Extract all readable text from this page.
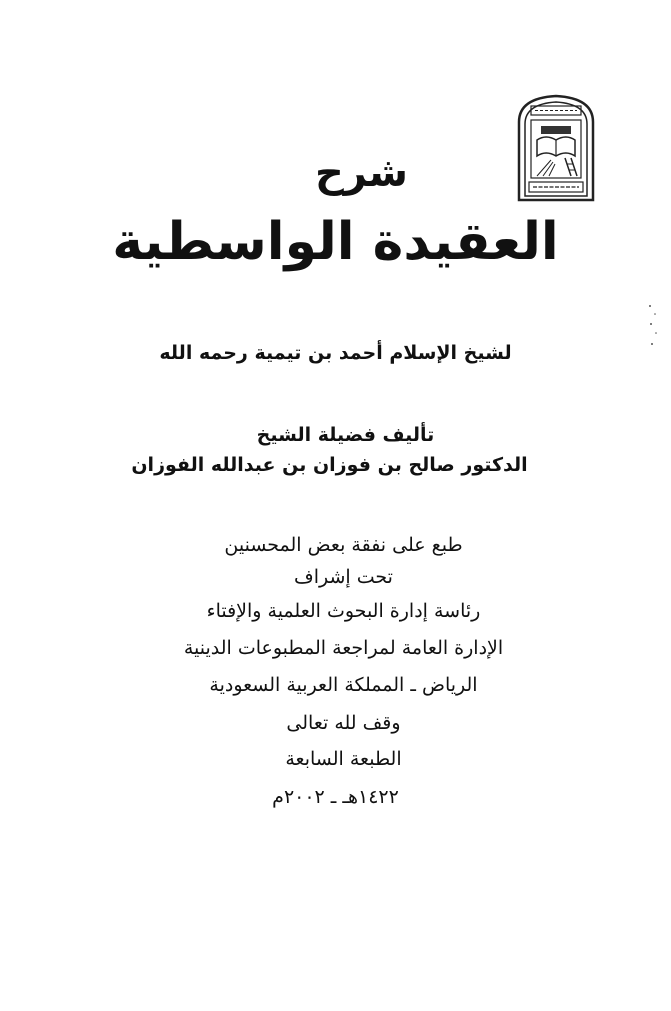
شرح
العقيدة الواسطية
لشيخ الإسلام أحمد بن تيمية رحمه الله
تأليف فضيلة الشيخ
الدكتور صالح بن فوزان بن عبدالله الفوزان
طبع على نفقة بعض المحسنين
تحت إشراف
رئاسة إدارة البحوث العلمية والإفتاء
الإدارة العامة لمراجعة المطبوعات الدينية
الرياض ـ المملكة العربية السعودية
وقف لله تعالى
الطبعة السابعة
١٤٢٢هـ ـ ٢٠٠٢م
